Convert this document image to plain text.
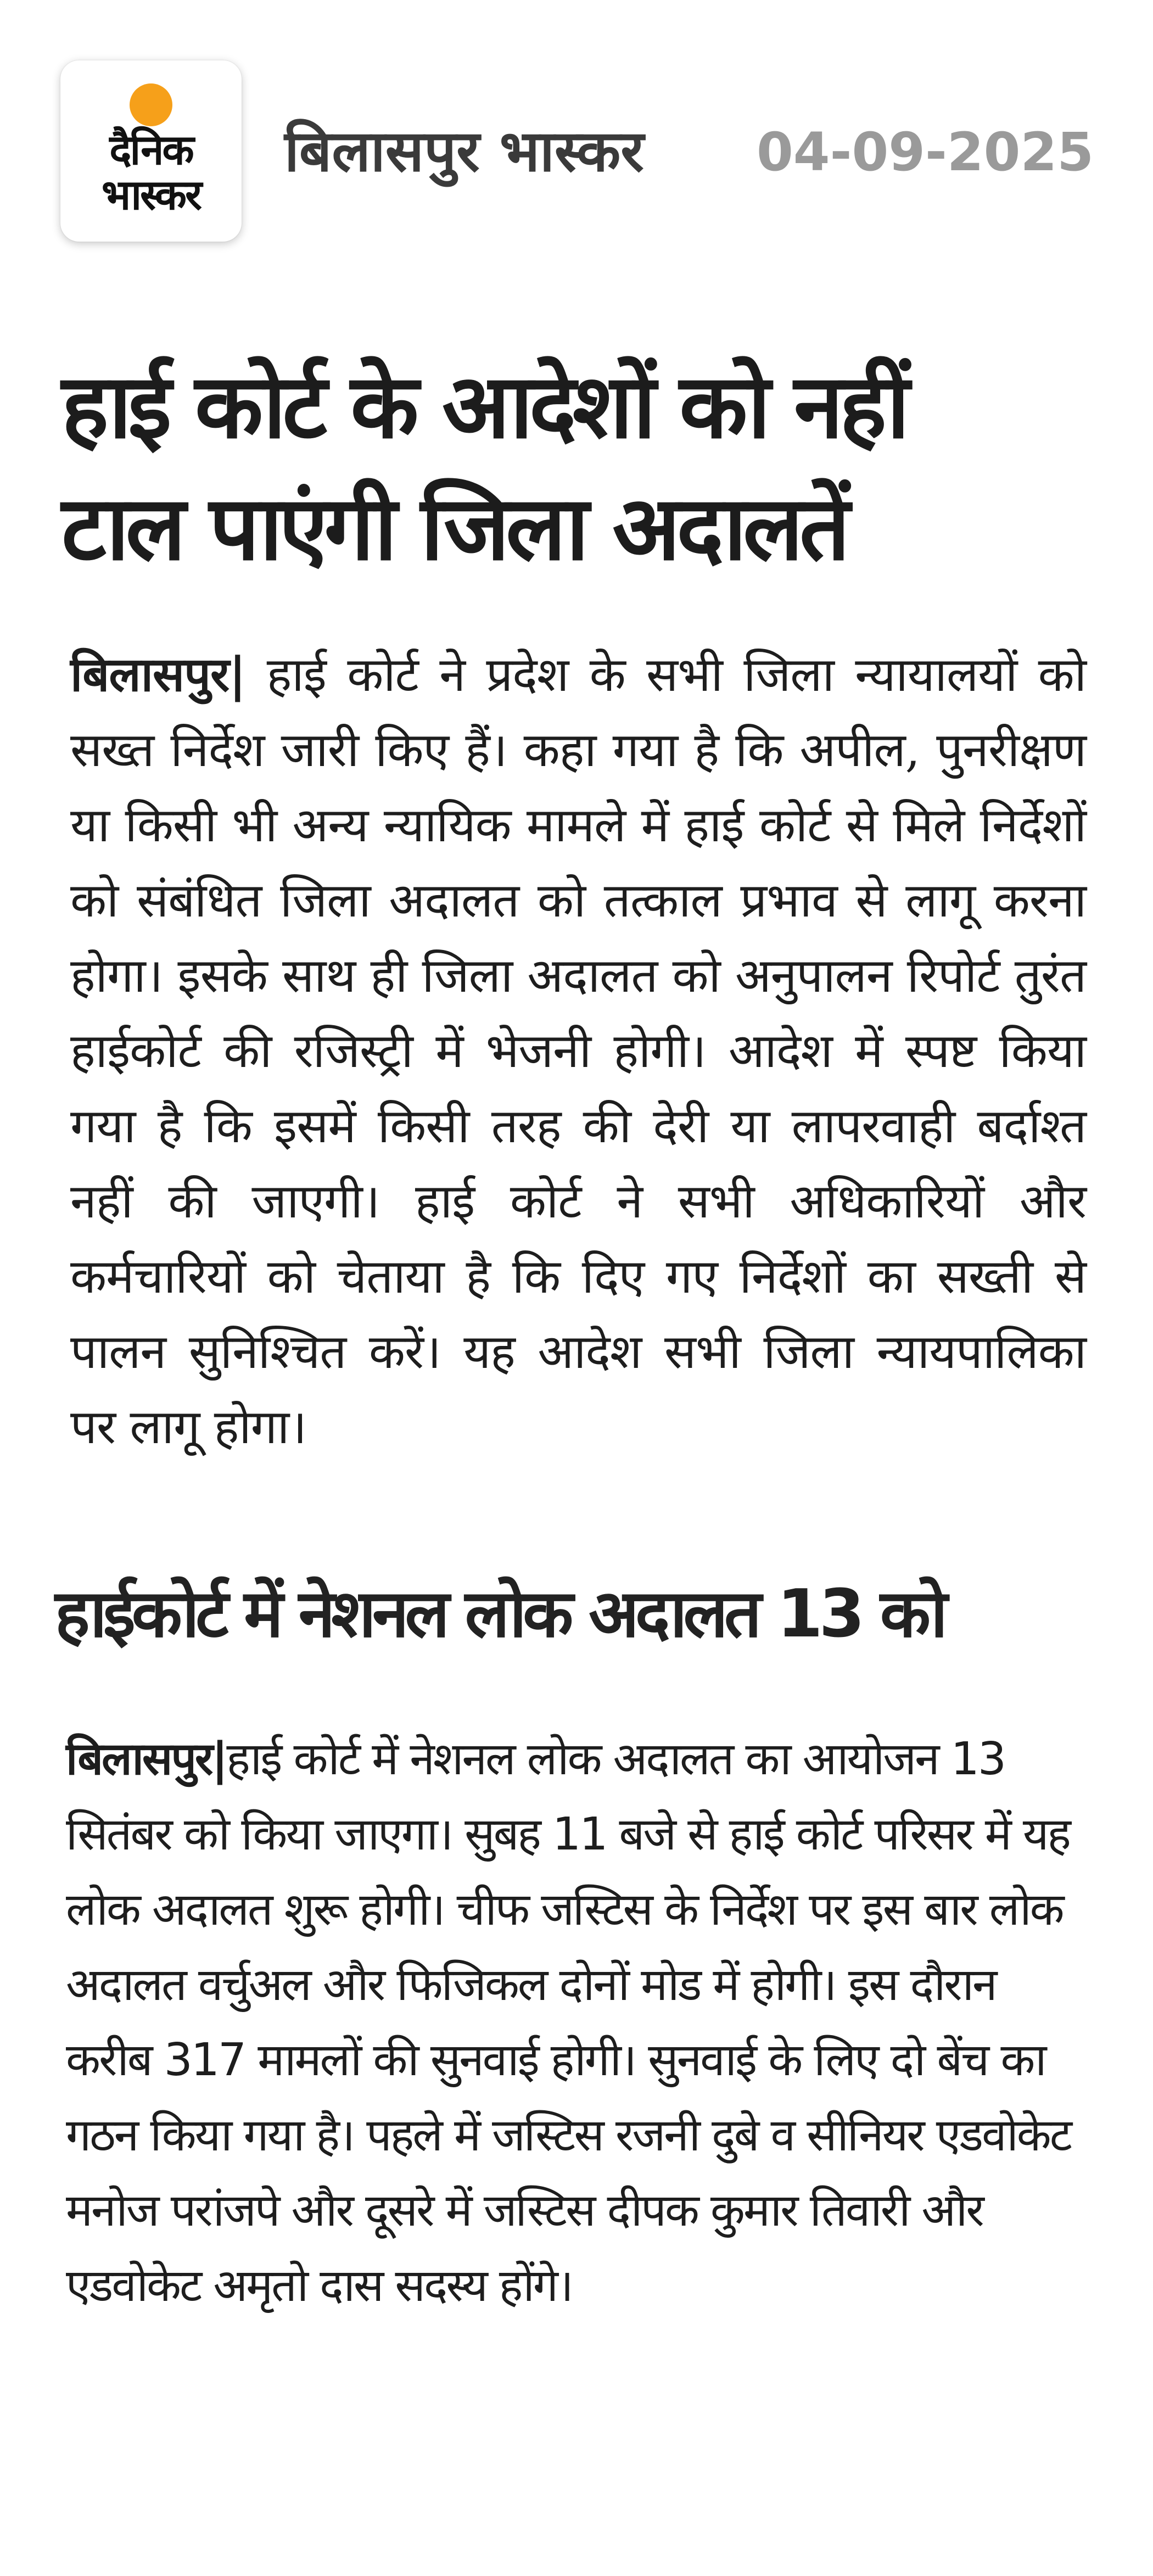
दैनिक
भास्कर
बिलासपुर भास्कर 04-09-2025
हाई कोर्ट के आदेशों को नहीं
टाल पाएंगी जिला अदालतें
बिलासपुर| हाई कोर्ट ने प्रदेश के सभी जिला न्यायालयों को सख्त निर्देश जारी किए हैं। कहा गया है कि अपील, पुनरीक्षण या किसी भी अन्य न्यायिक मामले में हाई कोर्ट से मिले निर्देशों को संबंधित जिला अदालत को तत्काल प्रभाव से लागू करना होगा। इसके साथ ही जिला अदालत को अनुपालन रिपोर्ट तुरंत हाईकोर्ट की रजिस्ट्री में भेजनी होगी। आदेश में स्पष्ट किया गया है कि इसमें किसी तरह की देरी या लापरवाही बर्दाश्त नहीं की जाएगी। हाई कोर्ट ने सभी अधिकारियों और कर्मचारियों को चेताया है कि दिए गए निर्देशों का सख्ती से पालन सुनिश्चित करें। यह आदेश सभी जिला न्यायपालिका पर लागू होगा।
हाईकोर्ट में नेशनल लोक अदालत 13 को
बिलासपुर|हाई कोर्ट में नेशनल लोक अदालत का आयोजन 13 सितंबर को किया जाएगा। सुबह 11 बजे से हाई कोर्ट परिसर में यह लोक अदालत शुरू होगी। चीफ जस्टिस के निर्देश पर इस बार लोक अदालत वर्चुअल और फिजिकल दोनों मोड में होगी। इस दौरान करीब 317 मामलों की सुनवाई होगी। सुनवाई के लिए दो बेंच का गठन किया गया है। पहले में जस्टिस रजनी दुबे व सीनियर एडवोकेट मनोज परांजपे और दूसरे में जस्टिस दीपक कुमार तिवारी और एडवोकेट अमृतो दास सदस्य होंगे।
